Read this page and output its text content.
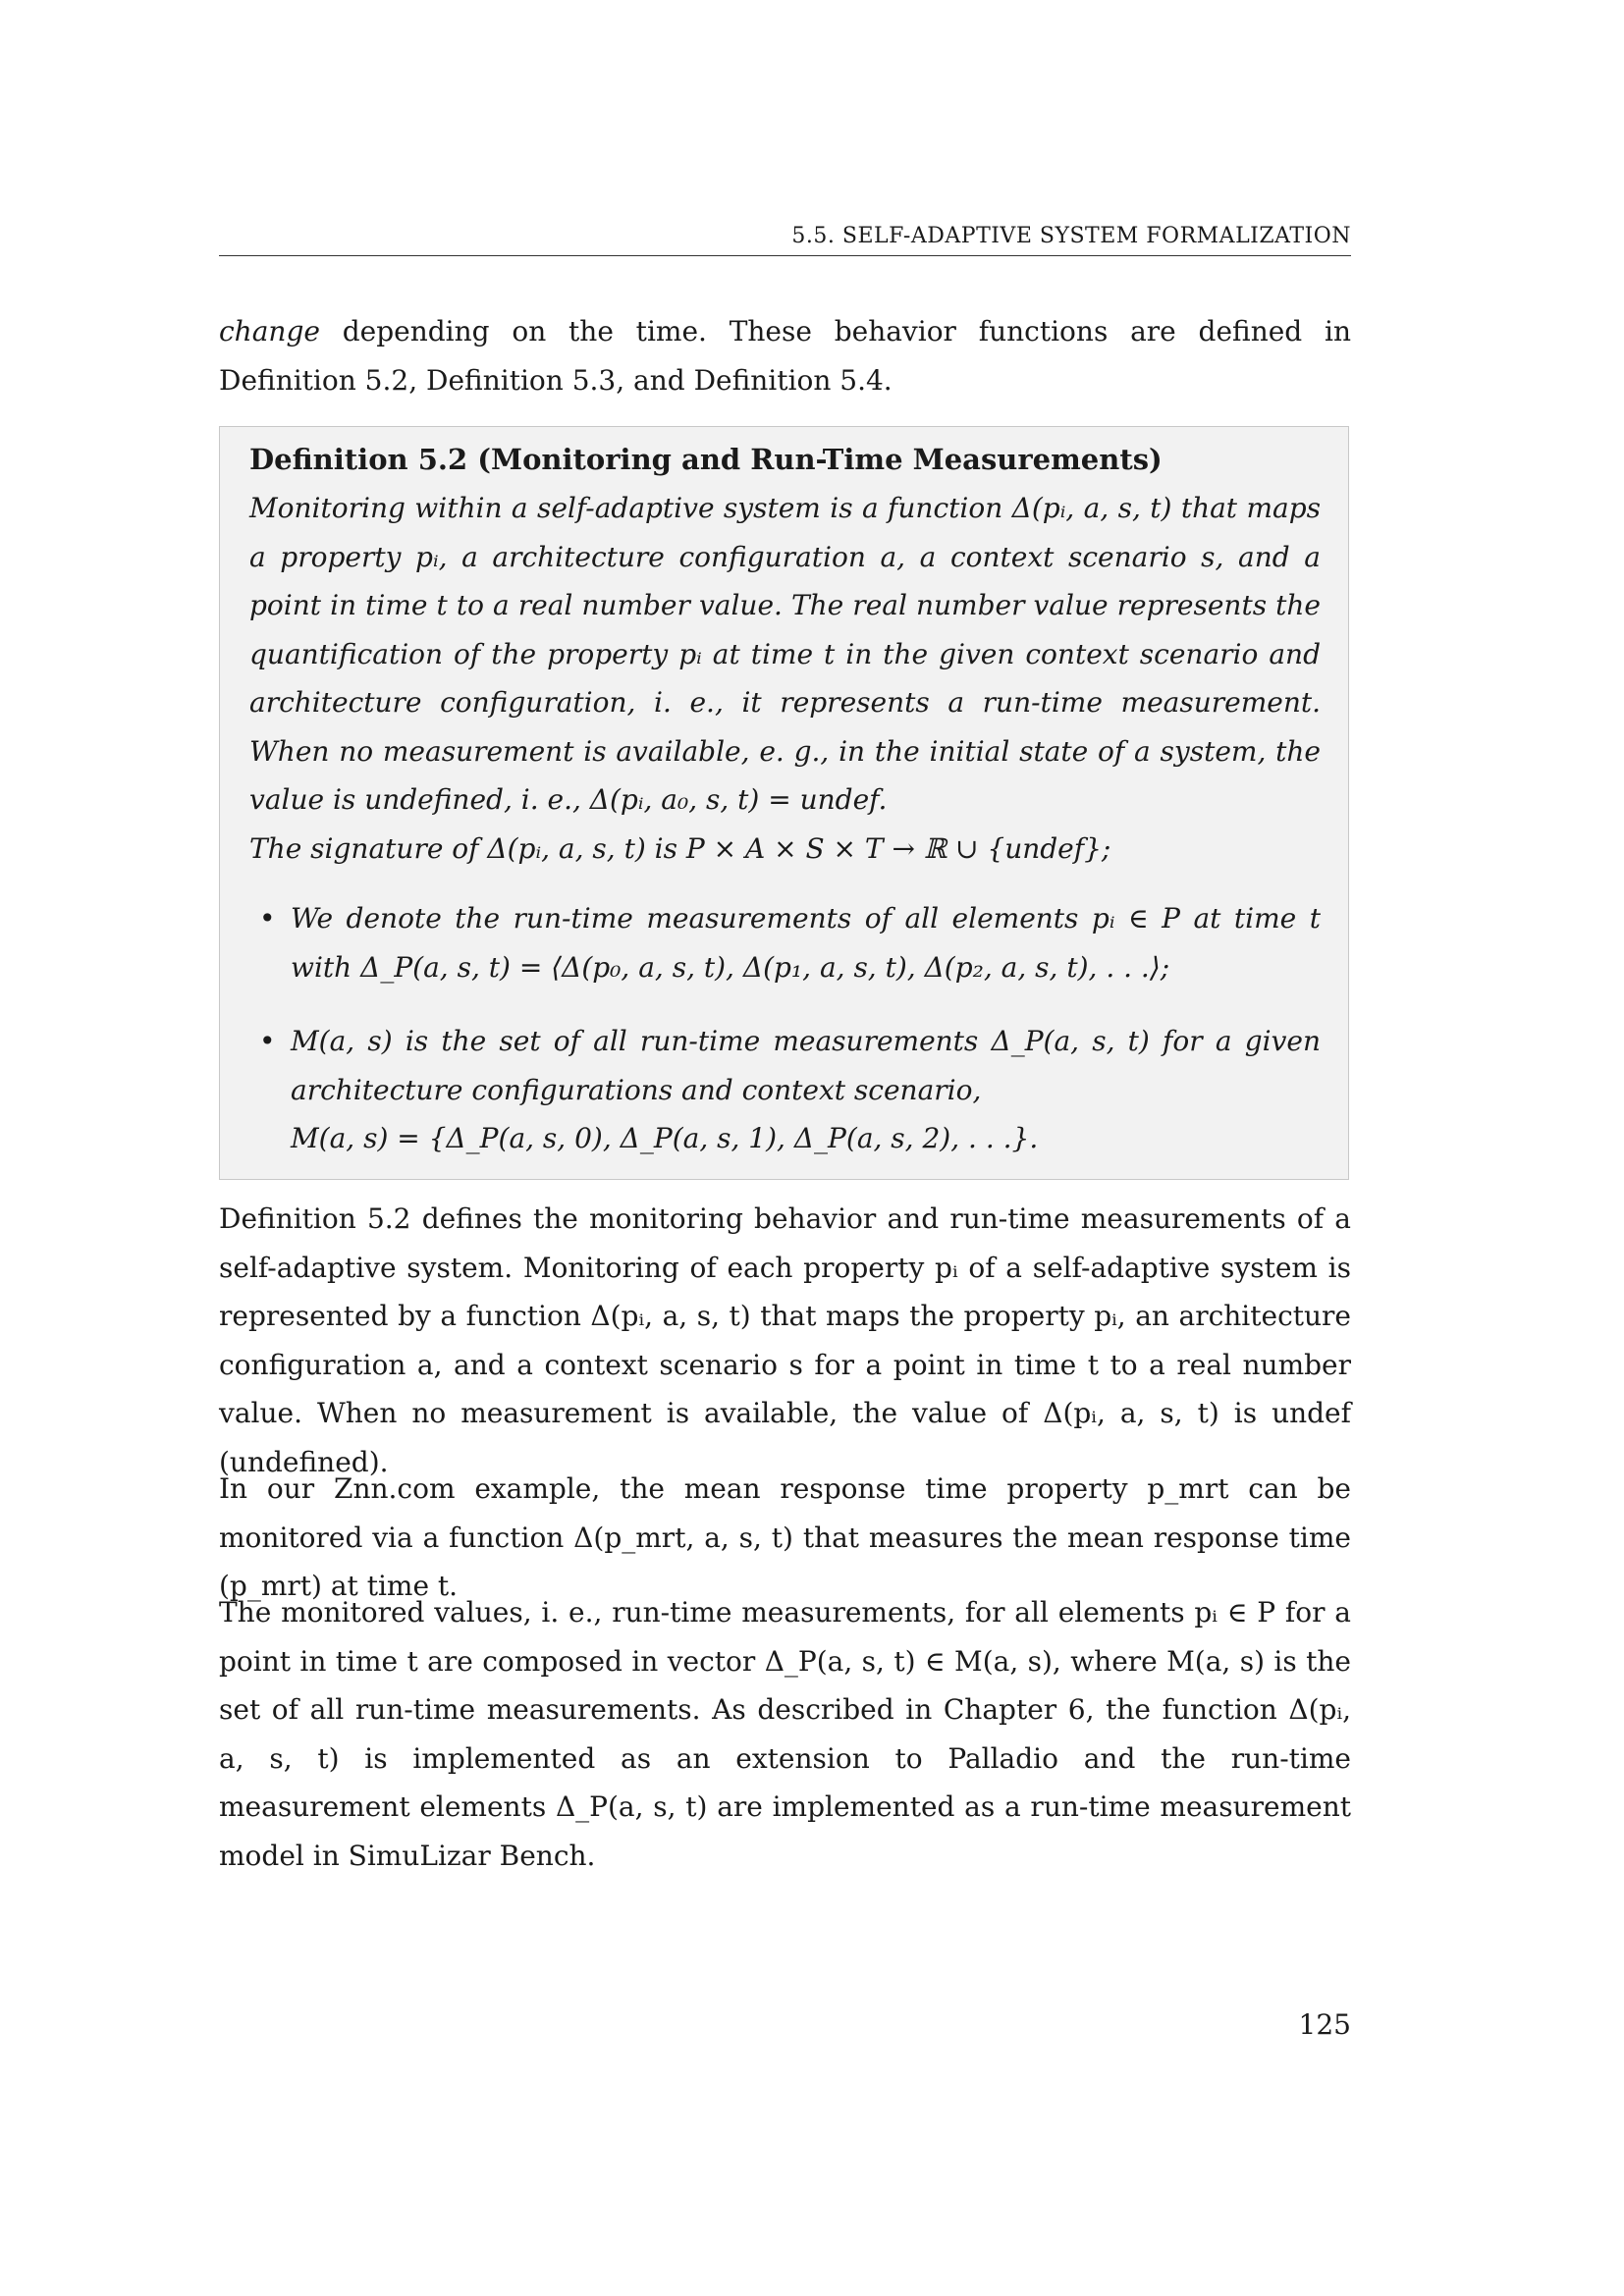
5.5. SELF-ADAPTIVE SYSTEM FORMALIZATION
change depending on the time. These behavior functions are defined in Definition 5.2, Definition 5.3, and Definition 5.4.
Definition 5.2 (Monitoring and Run-Time Measurements)
Monitoring within a self-adaptive system is a function Δ(pᵢ, a, s, t) that maps a property pᵢ, a architecture configuration a, a context scenario s, and a point in time t to a real number value. The real number value represents the quantification of the property pᵢ at time t in the given context scenario and architecture configuration, i. e., it represents a run-time measurement. When no measurement is available, e. g., in the initial state of a system, the value is undefined, i. e., Δ(pᵢ, a₀, s, t) = undef.
The signature of Δ(pᵢ, a, s, t) is P × A × S × T → ℝ ∪ {undef};
• We denote the run-time measurements of all elements pᵢ ∈ P at time t with Δ_P(a, s, t) = ⟨Δ(p₀, a, s, t), Δ(p₁, a, s, t), Δ(p₂, a, s, t), . . .⟩;
• M(a, s) is the set of all run-time measurements Δ_P(a, s, t) for a given architecture configurations and context scenario,
M(a, s) = {Δ_P(a, s, 0), Δ_P(a, s, 1), Δ_P(a, s, 2), . . .}.
Definition 5.2 defines the monitoring behavior and run-time measurements of a self-adaptive system. Monitoring of each property pᵢ of a self-adaptive system is represented by a function Δ(pᵢ, a, s, t) that maps the property pᵢ, an architecture configuration a, and a context scenario s for a point in time t to a real number value. When no measurement is available, the value of Δ(pᵢ, a, s, t) is undef (undefined).
In our Znn.com example, the mean response time property p_mrt can be monitored via a function Δ(p_mrt, a, s, t) that measures the mean response time (p_mrt) at time t.
The monitored values, i. e., run-time measurements, for all elements pᵢ ∈ P for a point in time t are composed in vector Δ_P(a, s, t) ∈ M(a, s), where M(a, s) is the set of all run-time measurements. As described in Chapter 6, the function Δ(pᵢ, a, s, t) is implemented as an extension to Palladio and the run-time measurement elements Δ_P(a, s, t) are implemented as a run-time measurement model in SimuLizar Bench.
125
